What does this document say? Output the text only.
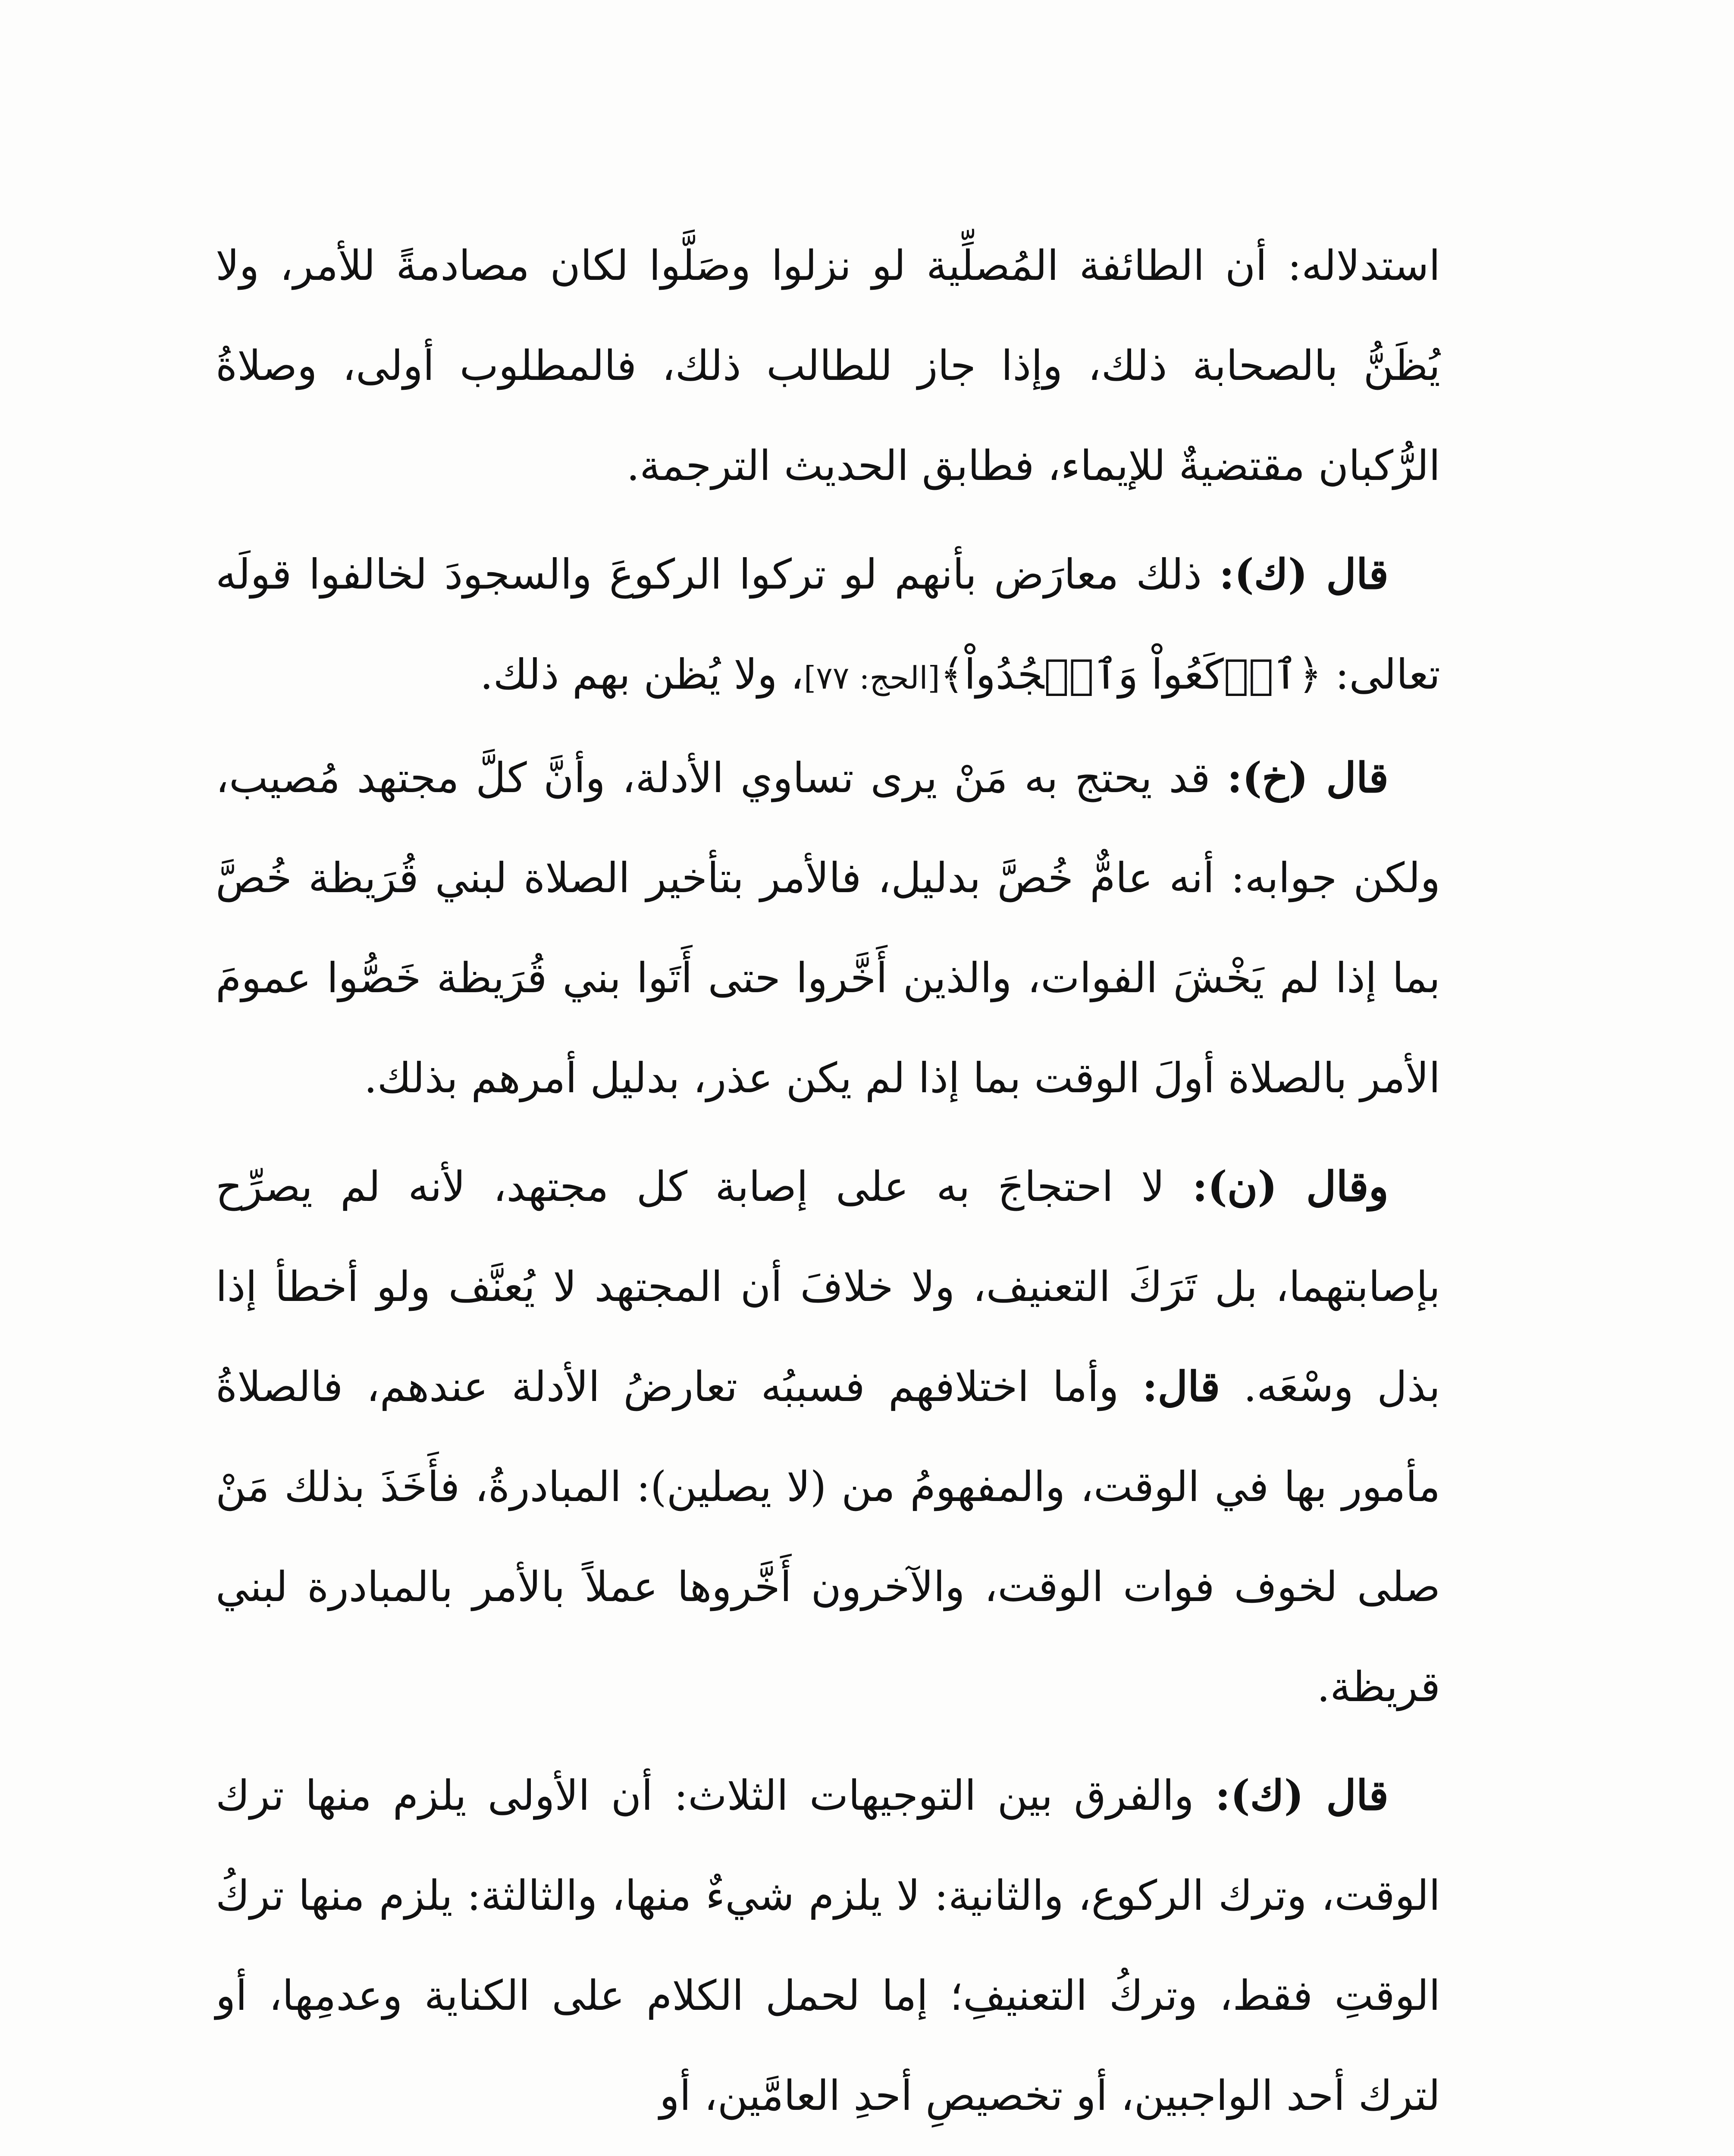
استدلاله: أن الطائفة المُصلِّية لو نزلوا وصَلَّوا لكان مصادمةً للأمر، ولا يُظَنُّ بالصحابة ذلك، وإذا جاز للطالب ذلك، فالمطلوب أولى، وصلاةُ الرُّكبان مقتضيةٌ للإيماء، فطابق الحديث الترجمة.

قال (ك): ذلك معارَض بأنهم لو تركوا الركوعَ والسجودَ لخالفوا قولَه تعالى: ﴿ٱرۡكَعُواْ وَٱسۡجُدُواْ﴾[الحج: ٧٧]، ولا يُظن بهم ذلك.

قال (خ): قد يحتج به مَنْ يرى تساوي الأدلة، وأنَّ كلَّ مجتهد مُصيب، ولكن جوابه: أنه عامٌّ خُصَّ بدليل، فالأمر بتأخير الصلاة لبني قُرَيظة خُصَّ بما إذا لم يَخْشَ الفوات، والذين أَخَّروا حتى أَتَوا بني قُرَيظة خَصُّوا عمومَ الأمر بالصلاة أولَ الوقت بما إذا لم يكن عذر، بدليل أمرهم بذلك.

وقال (ن): لا احتجاجَ به على إصابة كل مجتهد، لأنه لم يصرِّح بإصابتهما، بل تَرَكَ التعنيف، ولا خلافَ أن المجتهد لا يُعنَّف ولو أخطأ إذا بذل وسْعَه. قال: وأما اختلافهم فسببُه تعارضُ الأدلة عندهم، فالصلاةُ مأمور بها في الوقت، والمفهومُ من (لا يصلين): المبادرةُ، فأَخَذَ بذلك مَنْ صلى لخوف فوات الوقت، والآخرون أَخَّروها عملاً بالأمر بالمبادرة لبني قريظة.

قال (ك): والفرق بين التوجيهات الثلاث: أن الأولى يلزم منها ترك الوقت، وترك الركوع، والثانية: لا يلزم شيءٌ منها، والثالثة: يلزم منها تركُ الوقتِ فقط، وتركُ التعنيفِ؛ إما لحمل الكلام على الكناية وعدمِها، أو لترك أحد الواجبين، أو تخصيصِ أحدِ العامَّين، أو
